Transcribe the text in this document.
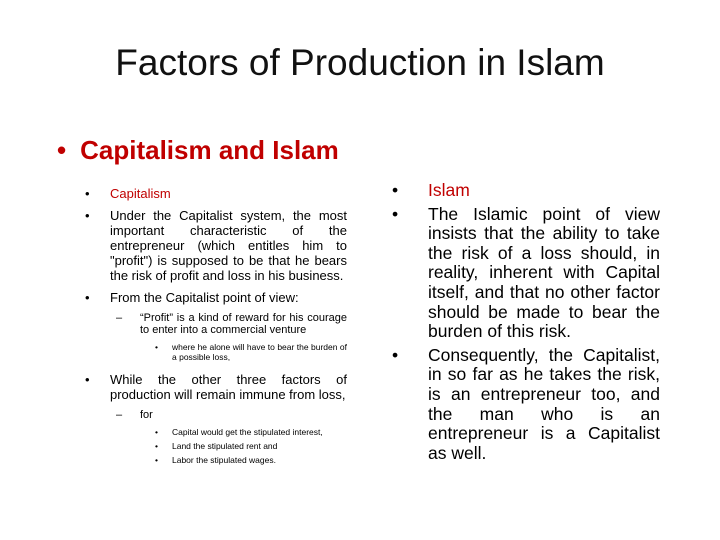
Factors of Production in Islam
• Capitalism and Islam
• Capitalism
• Under the Capitalist system, the most important characteristic of the entrepreneur (which entitles him to "profit") is supposed to be that he bears the risk of profit and loss in his business.
• From the Capitalist point of view:
– “Profit” is a kind of reward for his courage to enter into a commercial venture
• where he alone will have to bear the burden of a possible loss,
• While the other three factors of production will remain immune from loss,
– for
• Capital would get the stipulated interest,
• Land the stipulated rent and
• Labor the stipulated wages.
• Islam
• The Islamic point of view insists that the ability to take the risk of a loss should, in reality, inherent with Capital itself, and that no other factor should be made to bear the burden of this risk.
• Consequently, the Capitalist, in so far as he takes the risk, is an entrepreneur too, and the man who is an entrepreneur is a Capitalist as well.
